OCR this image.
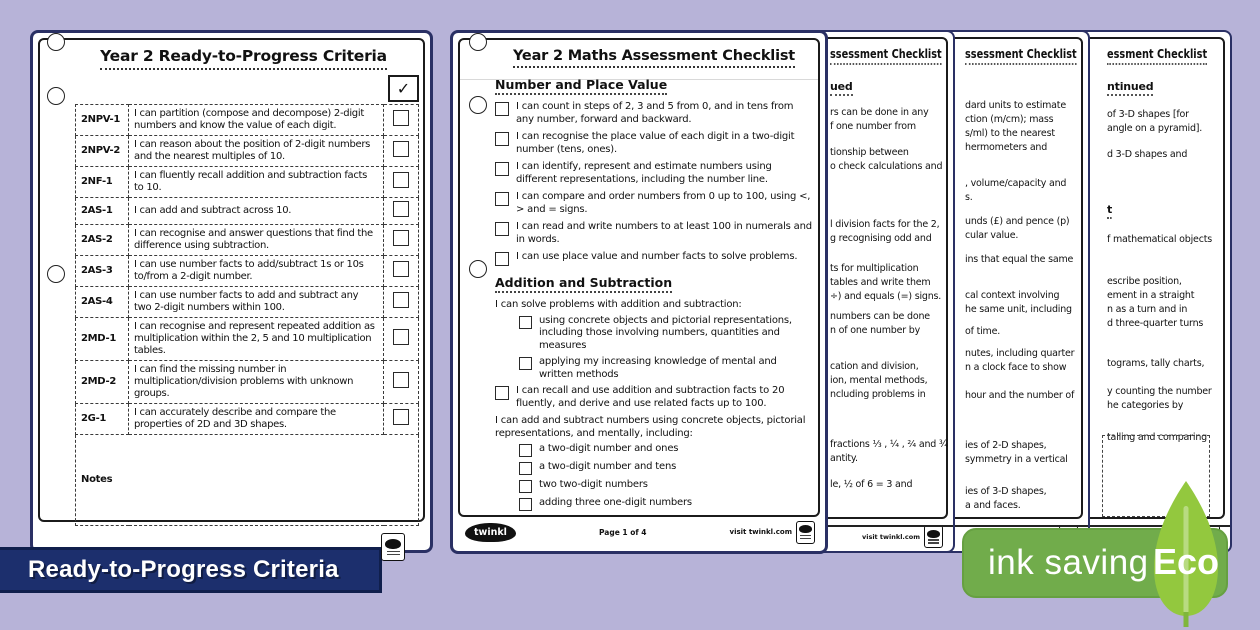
essment Checklist
ntinued
of 3-D shapes [for
angle on a pyramid].
d 3-D shapes and
t
f mathematical objects
escribe position,
ement in a straight
n as a turn and in
d three-quarter turns
tograms, tally charts,
y counting the number
he categories by
talling and comparing
ssessment Checklist
dard units to estimate
ction (m/cm); mass
s/ml) to the nearest
hermometers and
, volume/capacity and
s.
unds (£) and pence (p)
cular value.
ins that equal the same
cal context involving
he same unit, including
of time.
nutes, including quarter
n a clock face to show
hour and the number of
ies of 2-D shapes,
symmetry in a vertical
ies of 3-D shapes,
a and faces.
ssessment Checklist
ued
rs can be done in any
f one number from
tionship between
o check calculations and
l division facts for the 2,
g recognising odd and
ts for multiplication
tables and write them
÷) and equals (=) signs.
numbers can be done
n of one number by
cation and division,
ion, mental methods,
ncluding problems in
fractions ⅓ , ¼ , ²⁄₄ and ¾
antity.
le, ½ of 6 = 3 and
visit twinkl.com
Year 2 Maths Assessment Checklist
Number and Place Value
I can count in steps of 2, 3 and 5 from 0, and in tens from any number, forward and backward.
I can recognise the place value of each digit in a two-digit number (tens, ones).
I can identify, represent and estimate numbers using different representations, including the number line.
I can compare and order numbers from 0 up to 100, using <, > and = signs.
I can read and write numbers to at least 100 in numerals and in words.
I can use place value and number facts to solve problems.
Addition and Subtraction
I can solve problems with addition and subtraction:
using concrete objects and pictorial representations, including those involving numbers, quantities and measures
applying my increasing knowledge of mental and written methods
I can recall and use addition and subtraction facts to 20 fluently, and derive and use related facts up to 100.
I can add and subtract numbers using concrete objects, pictorial representations, and mentally, including:
a two-digit number and ones
a two-digit number and tens
two two-digit numbers
adding three one-digit numbers
twinkl	Page 1 of 4	visit twinkl.com
Year 2 Ready-to-Progress Criteria
✓
2NPV-1	I can partition (compose and decompose) 2-digit numbers and know the value of each digit.	
2NPV-2	I can reason about the position of 2-digit numbers and the nearest multiples of 10.	
2NF-1	I can fluently recall addition and subtraction facts to 10.	
2AS-1	I can add and subtract across 10.	
2AS-2	I can recognise and answer questions that find the difference using subtraction.	
2AS-3	I can use number facts to add/subtract 1s or 10s to/from a 2-digit number.	
2AS-4	I can use number facts to add and subtract any two 2-digit numbers within 100.	
2MD-1	I can recognise and represent repeated addition as multiplication within the 2, 5 and 10 multiplication tables.	
2MD-2	I can find the missing number in multiplication/division problems with unknown groups.	
2G-1	I can accurately describe and compare the properties of 2D and 3D shapes.	
Notes		
Ready-to-Progress Criteria	ink saving Eco
